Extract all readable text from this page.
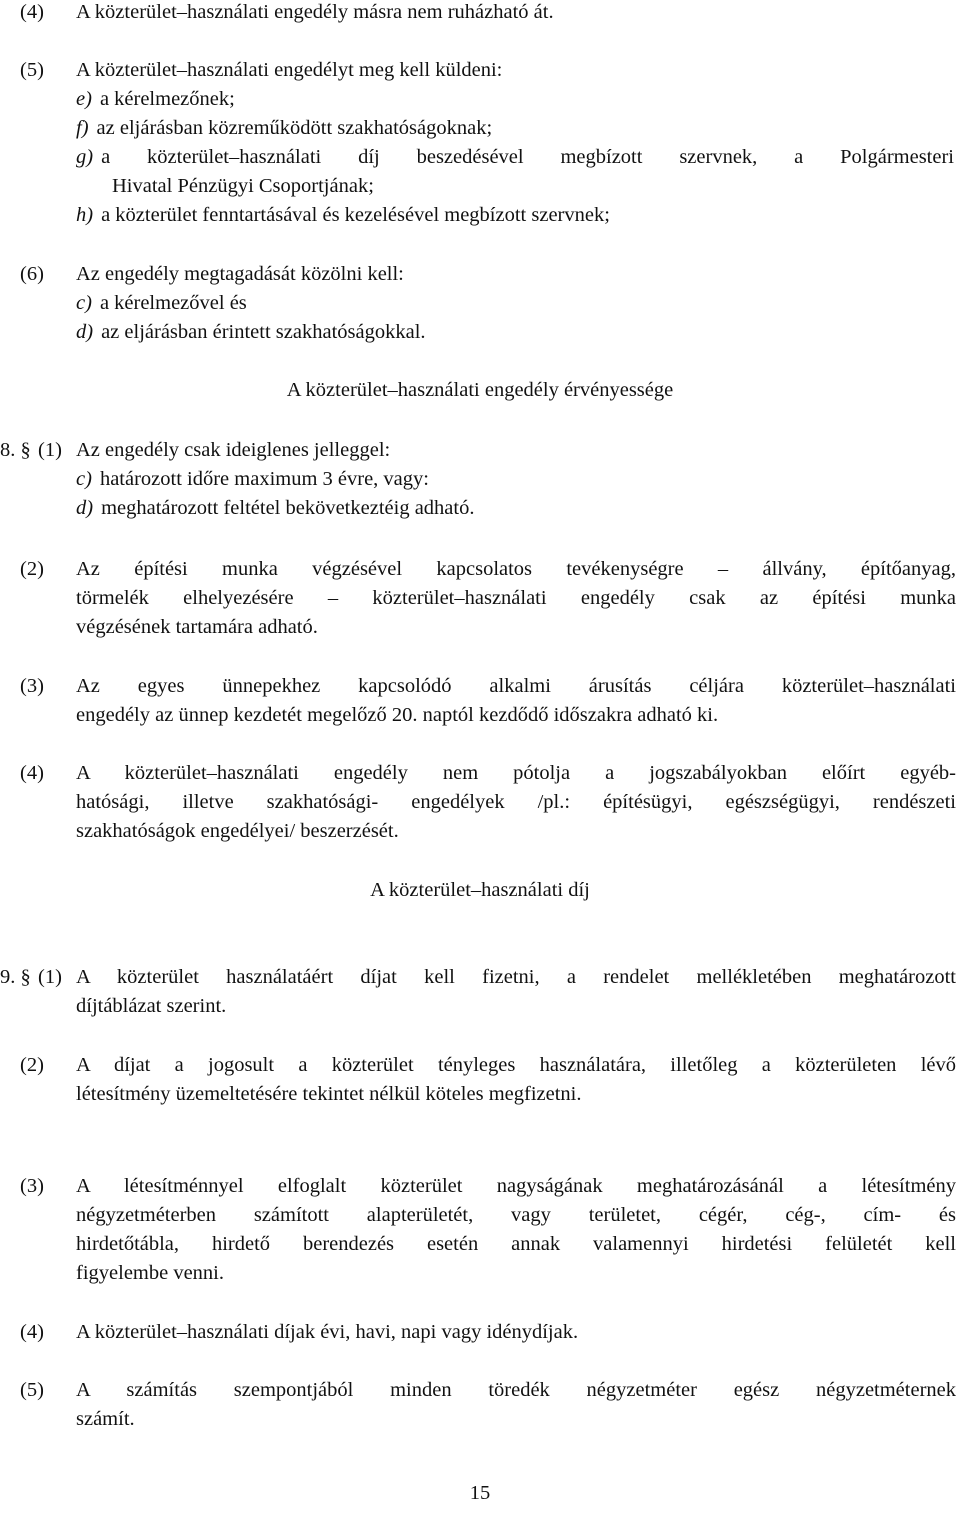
(4) A közterület–használati engedély másra nem ruházható át.
(5) A közterület–használati engedélyt meg kell küldeni:
e) a kérelmezőnek;
f) az eljárásban közreműködött szakhatóságoknak;
g) a közterület–használati díj beszedésével megbízott szervnek, a Polgármesteri
Hivatal Pénzügyi Csoportjának;
h) a közterület fenntartásával és kezelésével megbízott szervnek;
(6) Az engedély megtagadását közölni kell:
c) a kérelmezővel és
d) az eljárásban érintett szakhatóságokkal.
A közterület–használati engedély érvényessége
8. § (1) Az engedély csak ideiglenes jelleggel:
c) határozott időre maximum 3 évre, vagy:
d) meghatározott feltétel bekövetkeztéig adható.
(2) Az építési munka végzésével kapcsolatos tevékenységre – állvány, építőanyag,
törmelék elhelyezésére – közterület–használati engedély csak az építési munka
végzésének tartamára adható.
(3) Az egyes ünnepekhez kapcsolódó alkalmi árusítás céljára közterület–használati
engedély az ünnep kezdetét megelőző 20. naptól kezdődő időszakra adható ki.
(4) A közterület–használati engedély nem pótolja a jogszabályokban előírt egyéb-
hatósági, illetve szakhatósági- engedélyek /pl.: építésügyi, egészségügyi, rendészeti
szakhatóságok engedélyei/ beszerzését.
A közterület–használati díj
9. § (1) A közterület használatáért díjat kell fizetni, a rendelet mellékletében meghatározott
díjtáblázat szerint.
(2) A díjat a jogosult a közterület tényleges használatára, illetőleg a közterületen lévő
létesítmény üzemeltetésére tekintet nélkül köteles megfizetni.
(3) A létesítménnyel elfoglalt közterület nagyságának meghatározásánál a létesítmény
négyzetméterben számított alapterületét, vagy területet, cégér, cég-, cím- és
hirdetőtábla, hirdető berendezés esetén annak valamennyi hirdetési felületét kell
figyelembe venni.
(4) A közterület–használati díjak évi, havi, napi vagy idénydíjak.
(5) A számítás szempontjából minden töredék négyzetméter egész négyzetméternek
számít.
15
